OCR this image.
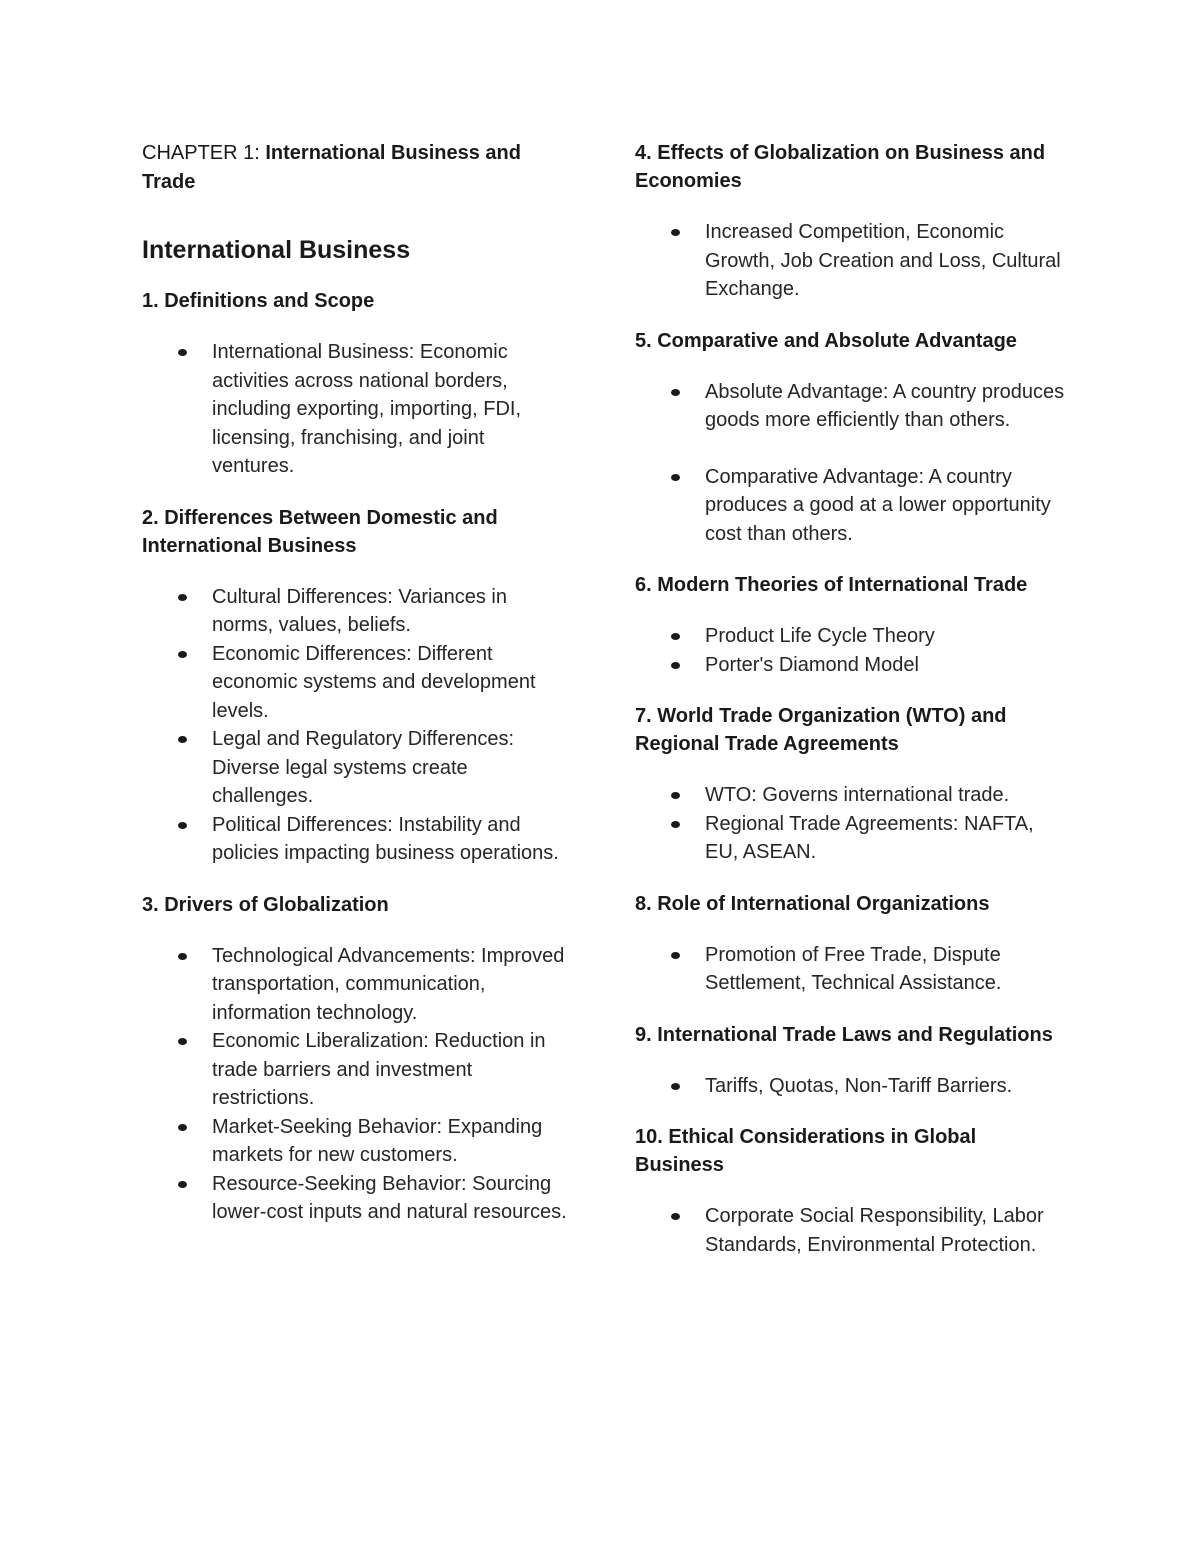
CHAPTER 1: International Business and Trade

International Business
1. Definitions and Scope
International Business: Economic activities across national borders, including exporting, importing, FDI, licensing, franchising, and joint ventures.
2. Differences Between Domestic and International Business
Cultural Differences: Variances in norms, values, beliefs.
Economic Differences: Different economic systems and development levels.
Legal and Regulatory Differences: Diverse legal systems create challenges.
Political Differences: Instability and policies impacting business operations.
3. Drivers of Globalization
Technological Advancements: Improved transportation, communication, information technology.
Economic Liberalization: Reduction in trade barriers and investment restrictions.
Market-Seeking Behavior: Expanding markets for new customers.
Resource-Seeking Behavior: Sourcing lower-cost inputs and natural resources.
4. Effects of Globalization on Business and Economies
Increased Competition, Economic Growth, Job Creation and Loss, Cultural Exchange.
5. Comparative and Absolute Advantage
Absolute Advantage: A country produces goods more efficiently than others.
Comparative Advantage: A country produces a good at a lower opportunity cost than others.
6. Modern Theories of International Trade
Product Life Cycle Theory
Porter's Diamond Model
7. World Trade Organization (WTO) and Regional Trade Agreements
WTO: Governs international trade.
Regional Trade Agreements: NAFTA, EU, ASEAN.
8. Role of International Organizations
Promotion of Free Trade, Dispute Settlement, Technical Assistance.
9. International Trade Laws and Regulations
Tariffs, Quotas, Non-Tariff Barriers.
10. Ethical Considerations in Global Business
Corporate Social Responsibility, Labor Standards, Environmental Protection.
